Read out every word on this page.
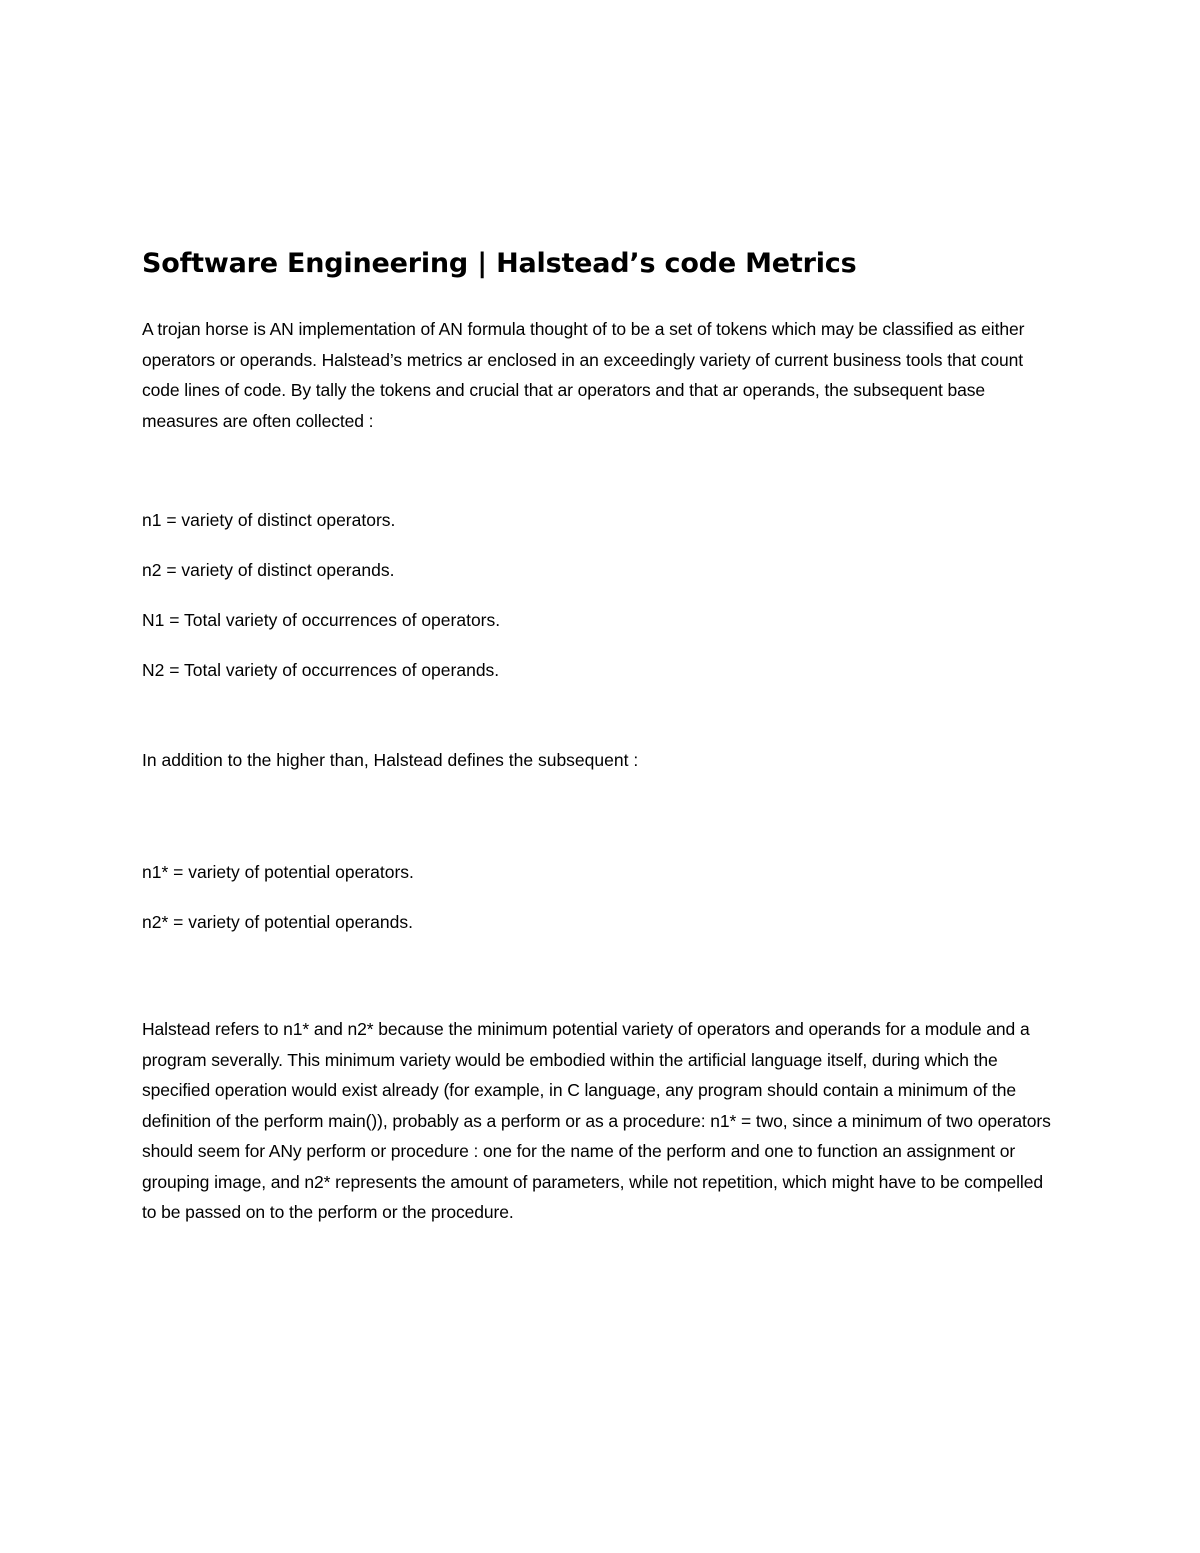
Software Engineering | Halstead’s code Metrics

A trojan horse is AN implementation of AN formula thought of to be a set of tokens which may be classified as either operators or operands. Halstead’s metrics ar enclosed in an exceedingly variety of current business tools that count code lines of code. By tally the tokens and crucial that ar operators and that ar operands, the subsequent base measures are often collected :

n1 = variety of distinct operators.

n2 = variety of distinct operands.

N1 = Total variety of occurrences of operators.

N2 = Total variety of occurrences of operands.

In addition to the higher than, Halstead defines the subsequent :

n1* = variety of potential operators.

n2* = variety of potential operands.

Halstead refers to n1* and n2* because the minimum potential variety of operators and operands for a module and a program severally. This minimum variety would be embodied within the artificial language itself, during which the specified operation would exist already (for example, in C language, any program should contain a minimum of the definition of the perform main()), probably as a perform or as a procedure: n1* = two, since a minimum of two operators should seem for ANy perform or procedure : one for the name of the perform and one to function an assignment or grouping image, and n2* represents the amount of parameters, while not repetition, which might have to be compelled to be passed on to the perform or the procedure.
